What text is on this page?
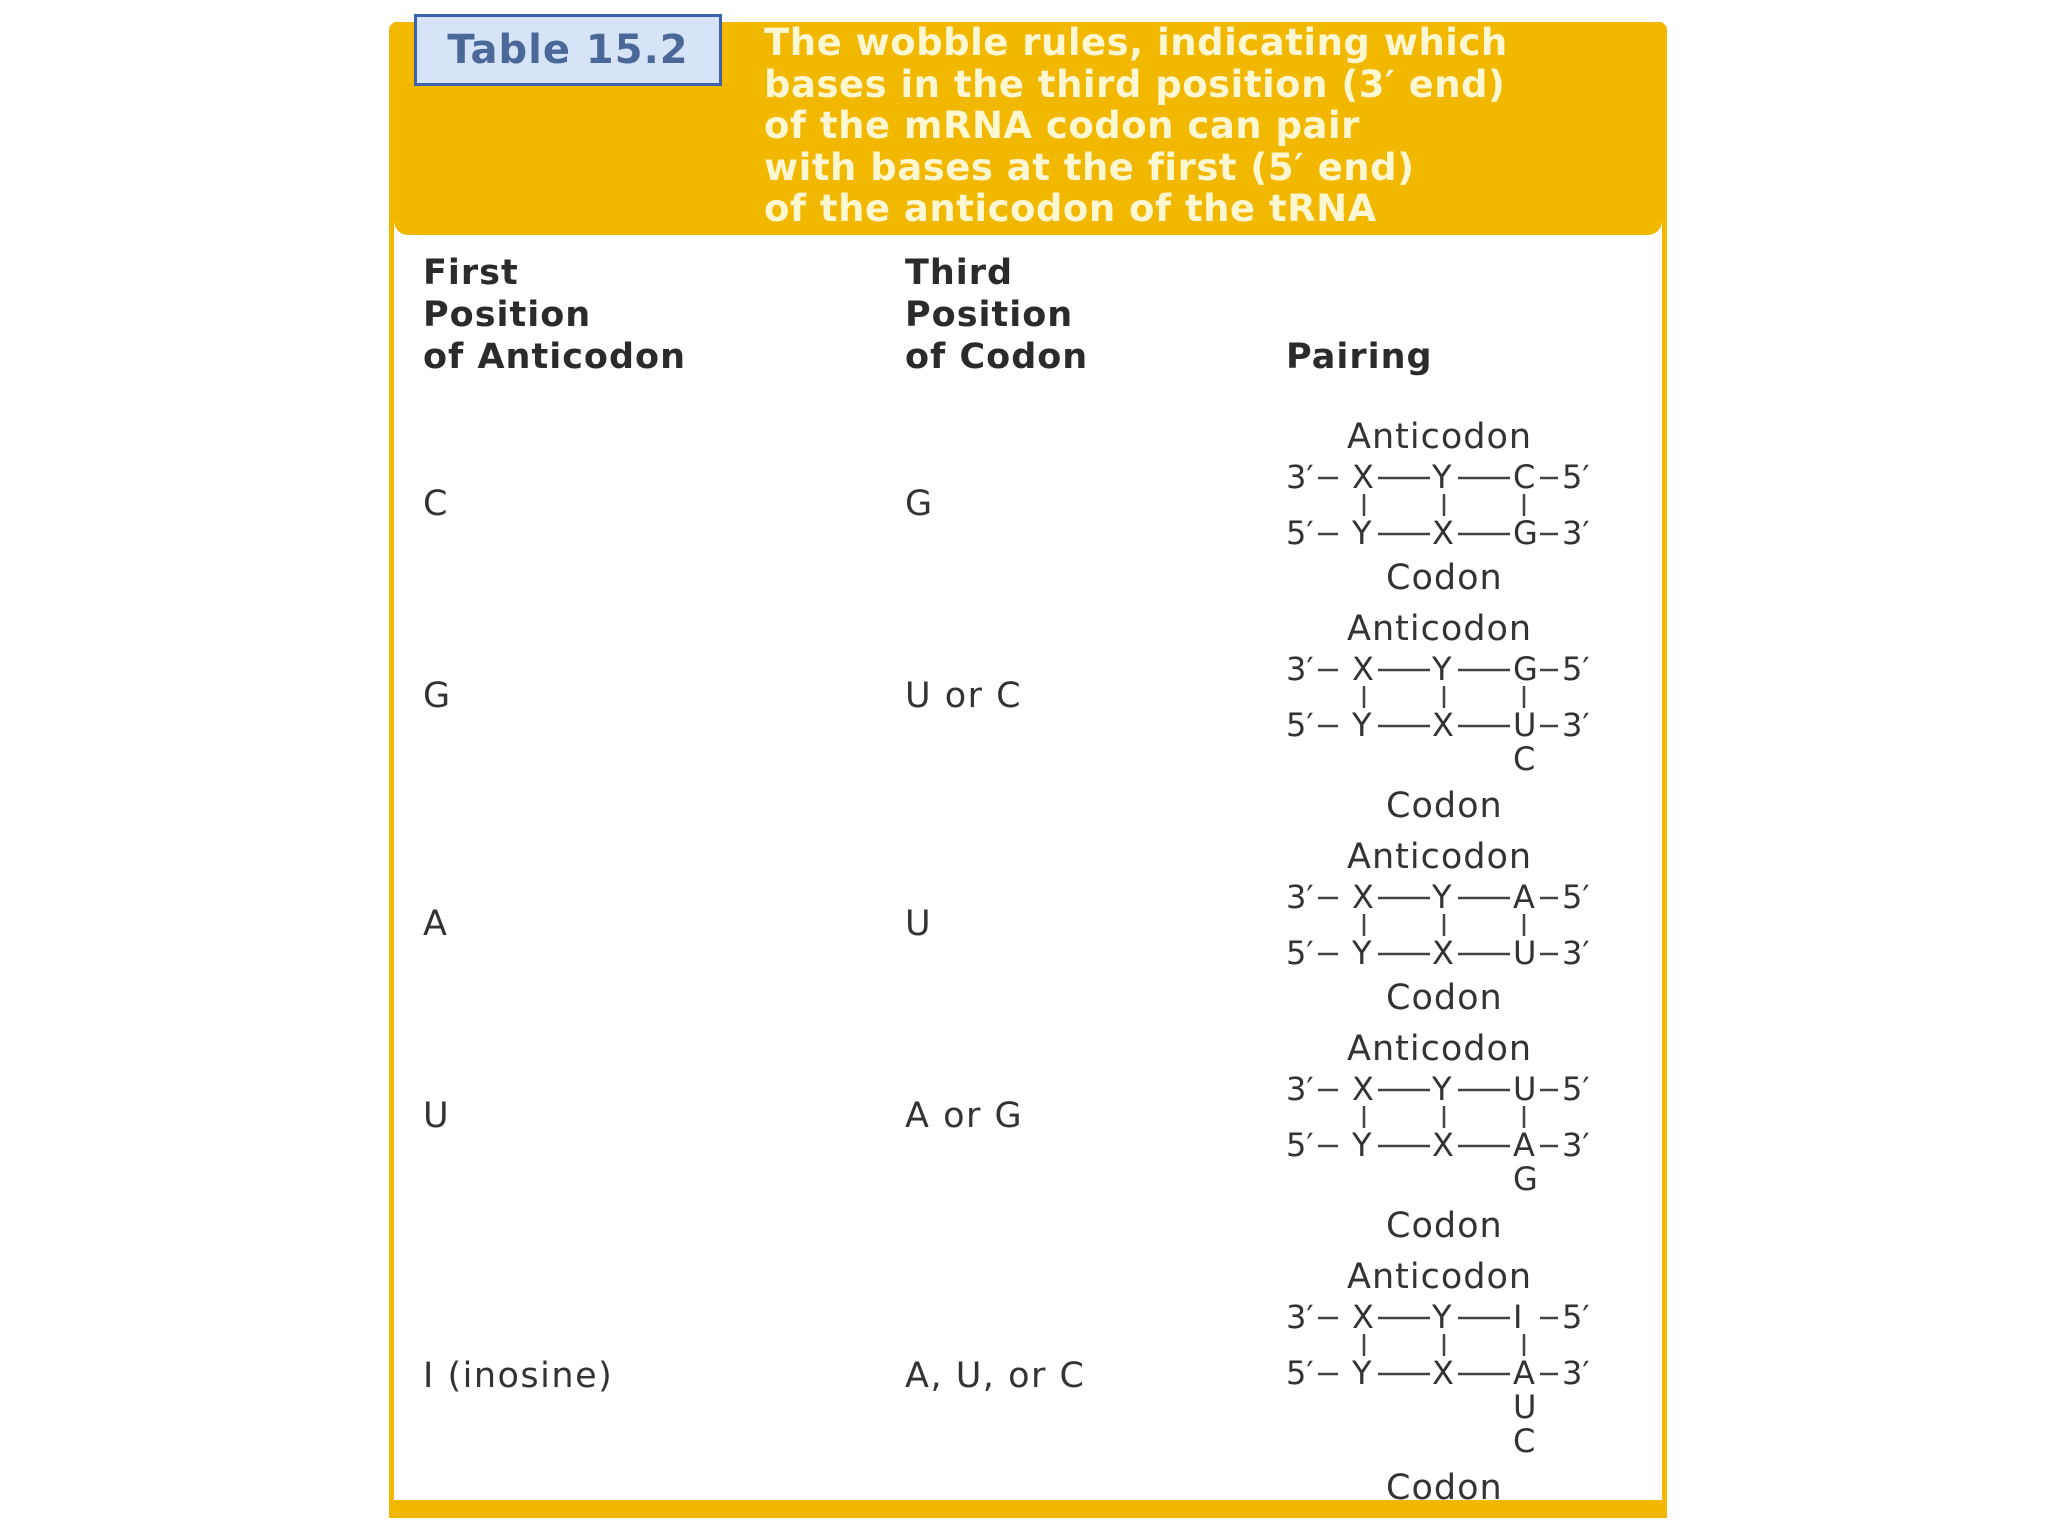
Table 15.2	The wobble rules, indicating which
bases in the third position (3′ end)
of the mRNA codon can pair
with bases at the first (5′ end)
of the anticodon of the tRNA
First
Position
of Anticodon
Third
Position
of Codon	Pairing
C	G
Anticodon
3′ X Y C 5′
5′ Y X G 3′
Codon
G	U or C
Anticodon
3′ X Y G 5′
5′ Y X U 3′
C
Codon
A	U
Anticodon
3′ X Y A 5′
5′ Y X U 3′
Codon
U	A or G
Anticodon
3′ X Y U 5′
5′ Y X A 3′
G
Codon
I (inosine)	A, U, or C
Anticodon
3′ X Y I 5′
5′ Y X A 3′
U
C
Codon
